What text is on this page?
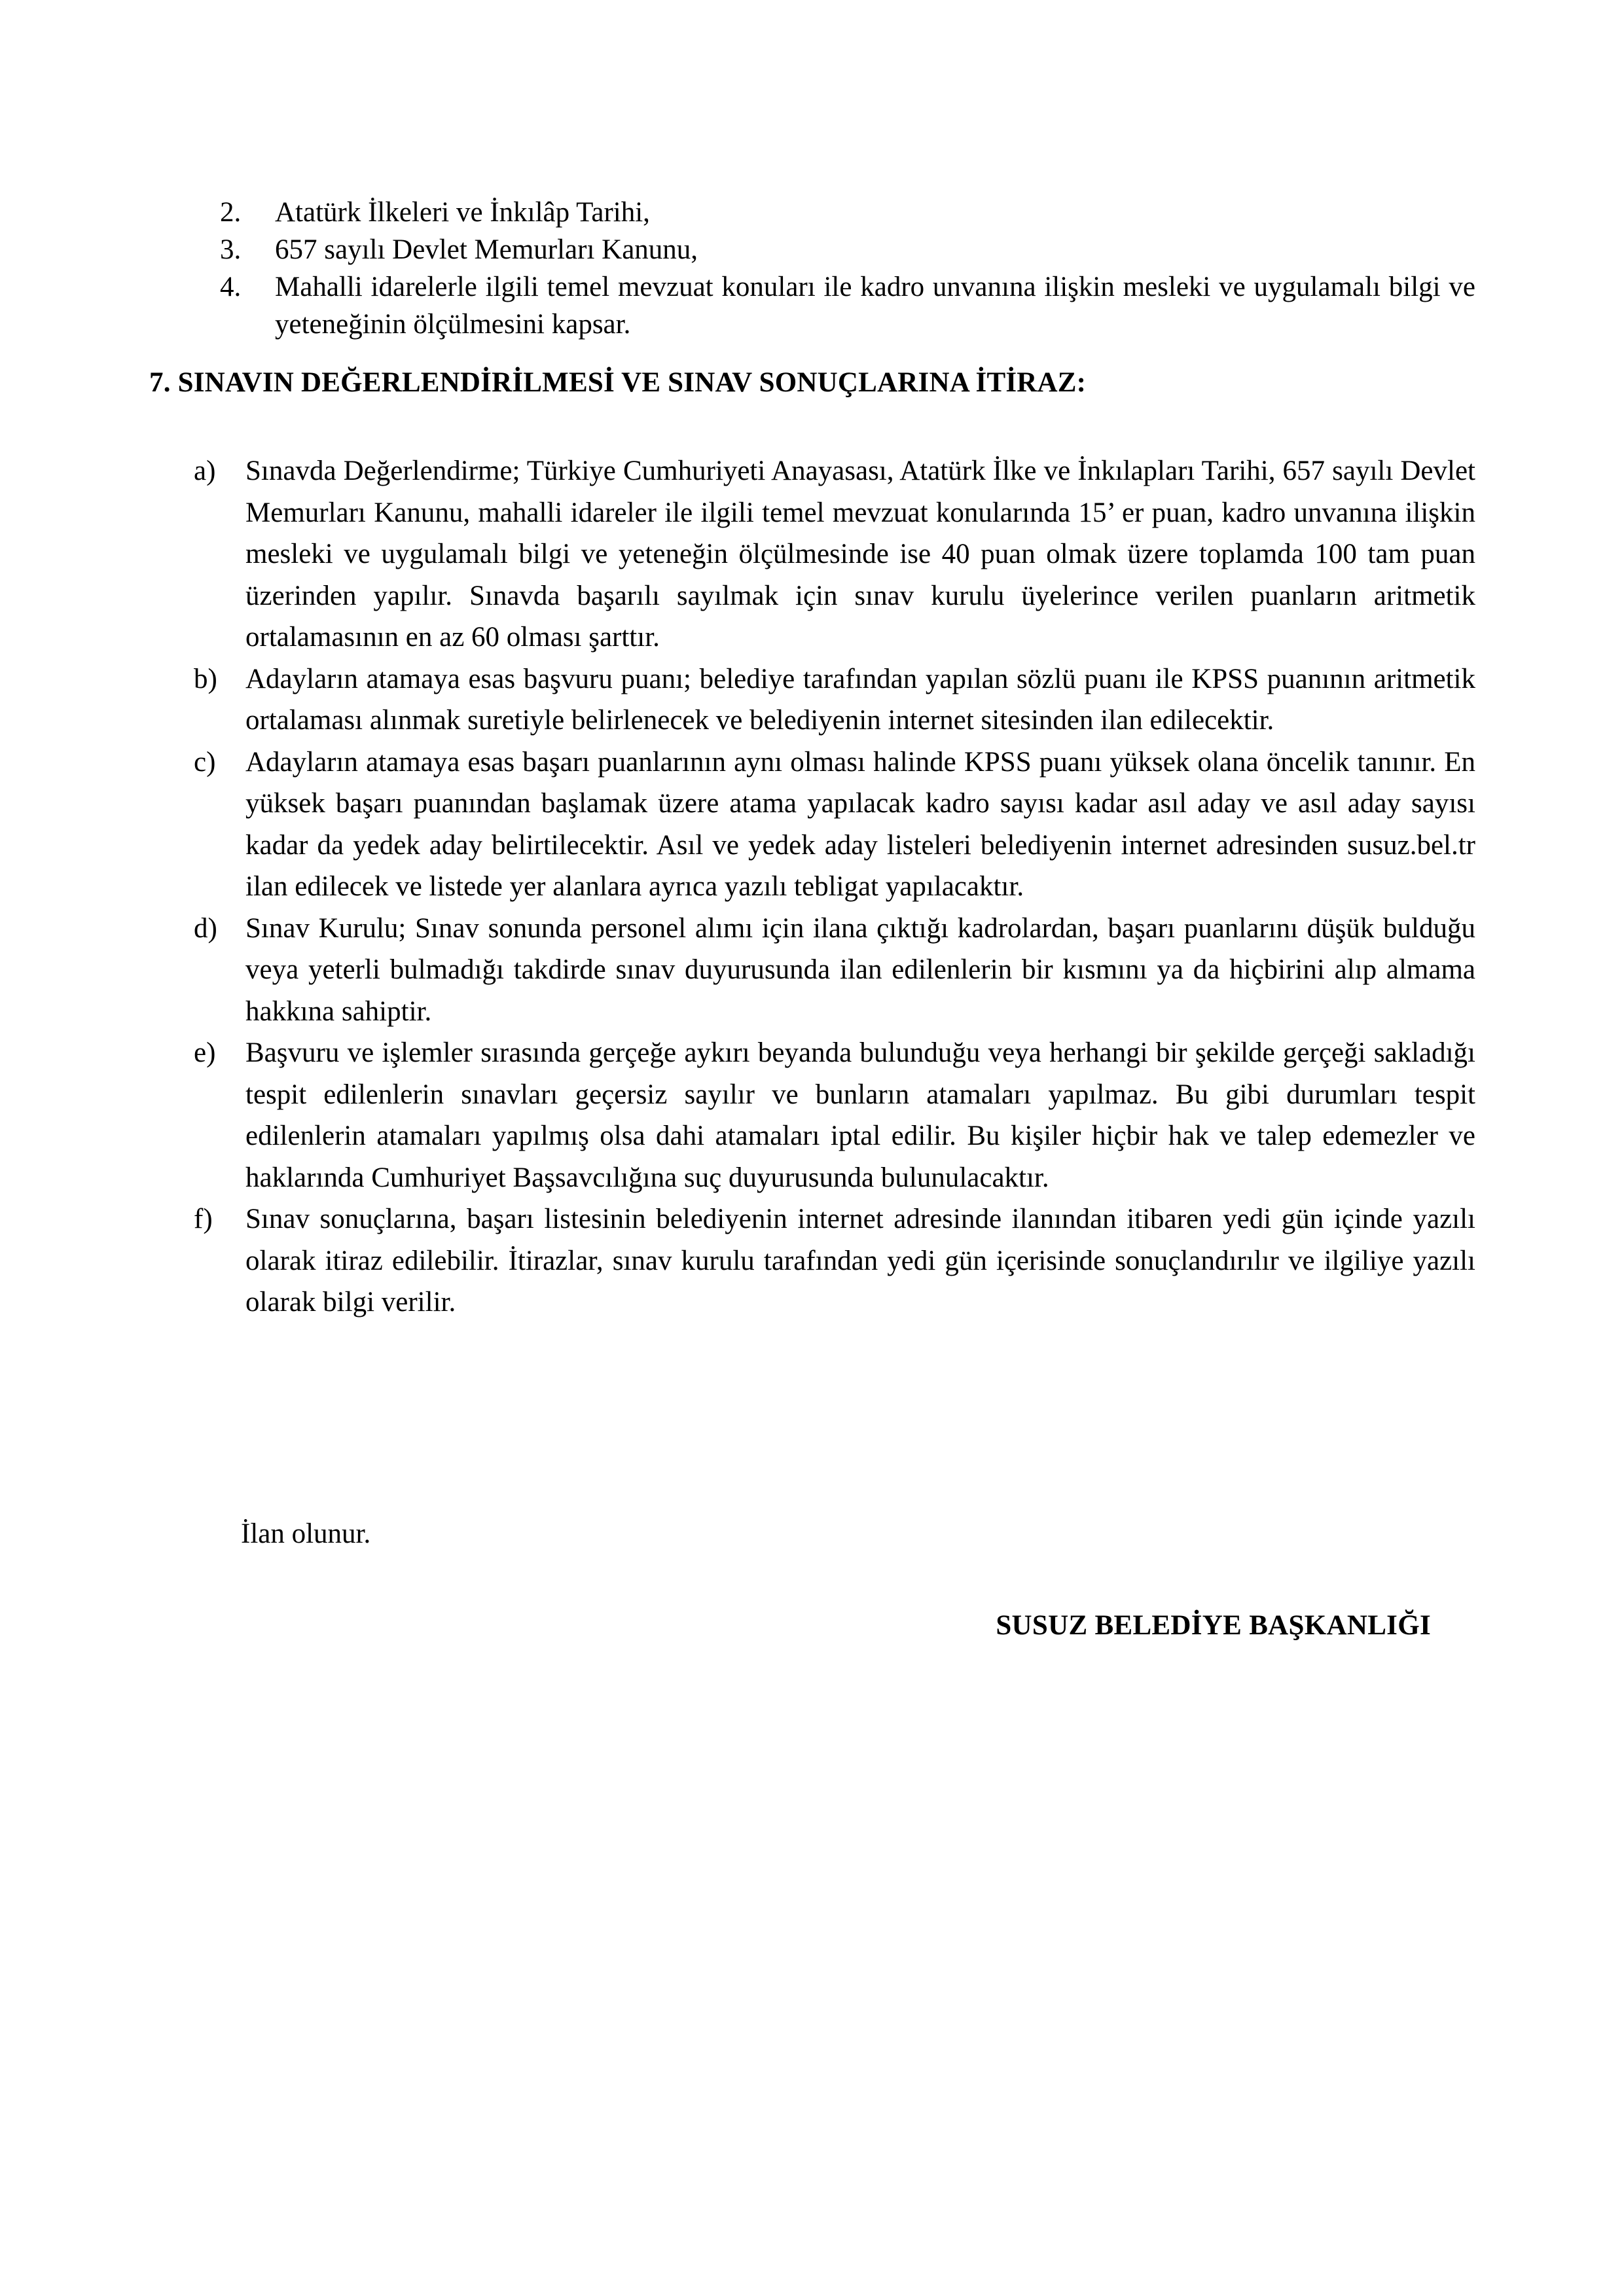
2.	Atatürk İlkeleri ve İnkılâp Tarihi,
3.	657 sayılı Devlet Memurları Kanunu,
4.	Mahalli idarelerle ilgili temel mevzuat konuları ile kadro unvanına ilişkin mesleki ve uygulamalı bilgi ve yeteneğinin ölçülmesini kapsar.
7. SINAVIN DEĞERLENDİRİLMESİ VE SINAV SONUÇLARINA İTİRAZ:
a)	Sınavda Değerlendirme; Türkiye Cumhuriyeti Anayasası, Atatürk İlke ve İnkılapları Tarihi, 657 sayılı Devlet Memurları Kanunu, mahalli idareler ile ilgili temel mevzuat konularında 15’ er puan, kadro unvanına ilişkin mesleki ve uygulamalı bilgi ve yeteneğin ölçülmesinde ise 40 puan olmak üzere toplamda 100 tam puan üzerinden yapılır. Sınavda başarılı sayılmak için sınav kurulu üyelerince verilen puanların aritmetik ortalamasının en az 60 olması şarttır.
b)	Adayların atamaya esas başvuru puanı; belediye tarafından yapılan sözlü puanı ile KPSS puanının aritmetik ortalaması alınmak suretiyle belirlenecek ve belediyenin internet sitesinden ilan edilecektir.
c)	Adayların atamaya esas başarı puanlarının aynı olması halinde KPSS puanı yüksek olana öncelik tanınır. En yüksek başarı puanından başlamak üzere atama yapılacak kadro sayısı kadar asıl aday ve asıl aday sayısı kadar da yedek aday belirtilecektir. Asıl ve yedek aday listeleri belediyenin internet adresinden susuz.bel.tr ilan edilecek ve listede yer alanlara ayrıca yazılı tebligat yapılacaktır.
d)	Sınav Kurulu; Sınav sonunda personel alımı için ilana çıktığı kadrolardan, başarı puanlarını düşük bulduğu veya yeterli bulmadığı takdirde sınav duyurusunda ilan edilenlerin bir kısmını ya da hiçbirini alıp almama hakkına sahiptir.
e)	Başvuru ve işlemler sırasında gerçeğe aykırı beyanda bulunduğu veya herhangi bir şekilde gerçeği sakladığı tespit edilenlerin sınavları geçersiz sayılır ve bunların atamaları yapılmaz. Bu gibi durumları tespit edilenlerin atamaları yapılmış olsa dahi atamaları iptal edilir. Bu kişiler hiçbir hak ve talep edemezler ve haklarında Cumhuriyet Başsavcılığına suç duyurusunda bulunulacaktır.
f)	Sınav sonuçlarına, başarı listesinin belediyenin internet adresinde ilanından itibaren yedi gün içinde yazılı olarak itiraz edilebilir. İtirazlar, sınav kurulu tarafından yedi gün içerisinde sonuçlandırılır ve ilgiliye yazılı olarak bilgi verilir.
İlan olunur.
SUSUZ BELEDİYE BAŞKANLIĞI
